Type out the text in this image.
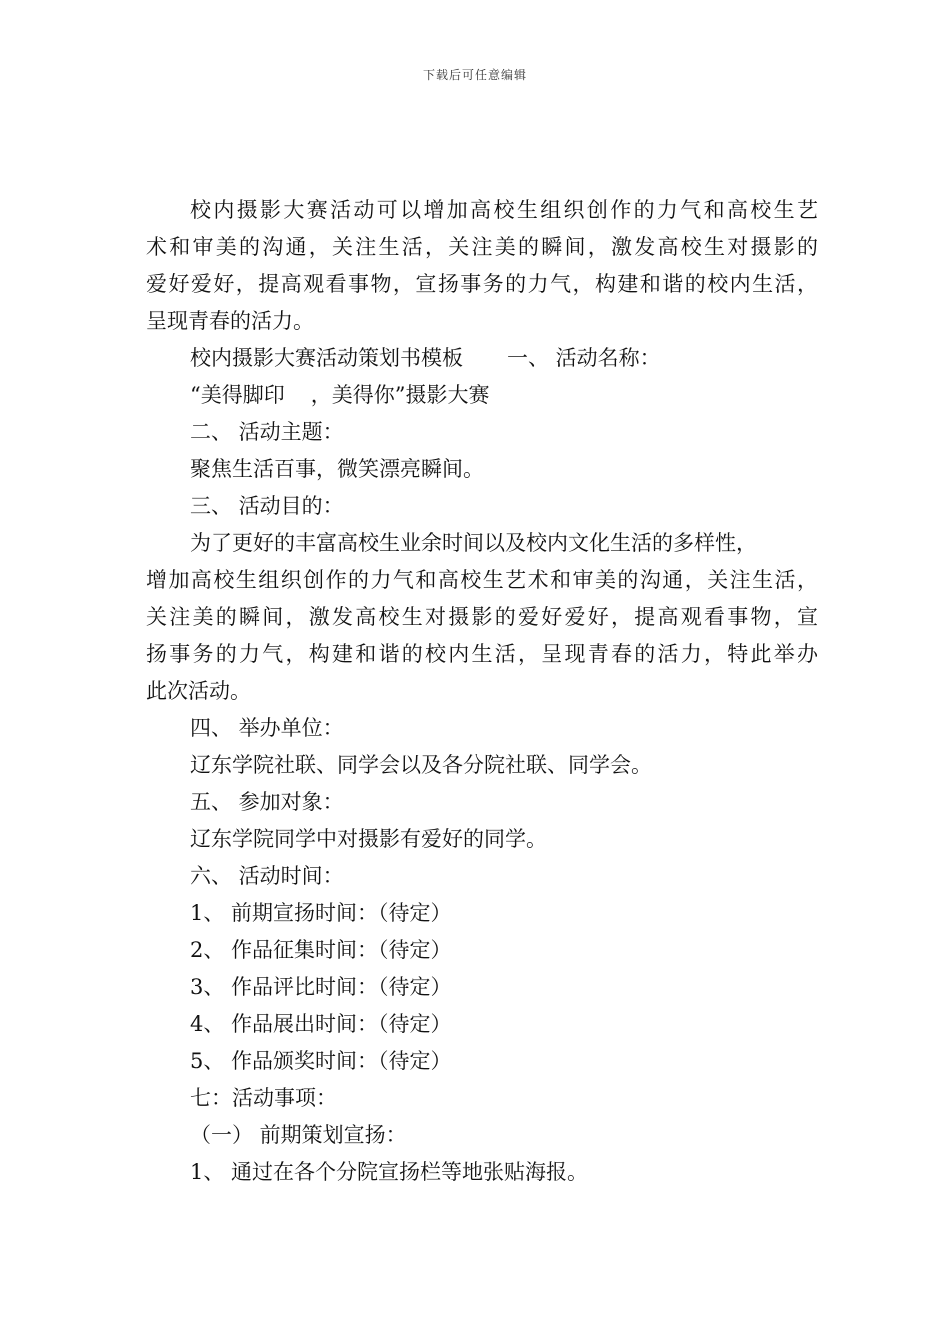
下载后可任意编辑
校内摄影大赛活动可以增加高校生组织创作的力气和高校生艺
术和审美的沟通，关注生活，关注美的瞬间，激发高校生对摄影的
爱好爱好，提高观看事物，宣扬事务的力气，构建和谐的校内生活，
呈现青春的活力。
校内摄影大赛活动策划书模板 一、 活动名称：
“美得脚印 ，美得你”摄影大赛
二、 活动主题：
聚焦生活百事，微笑漂亮瞬间。
三、 活动目的：
为了更好的丰富高校生业余时间以及校内文化生活的多样性，
增加高校生组织创作的力气和高校生艺术和审美的沟通，关注生活，
关注美的瞬间，激发高校生对摄影的爱好爱好，提高观看事物，宣
扬事务的力气，构建和谐的校内生活，呈现青春的活力，特此举办
此次活动。
四、 举办单位：
辽东学院社联、同学会以及各分院社联、同学会。
五、 参加对象：
辽东学院同学中对摄影有爱好的同学。
六、 活动时间：
1、 前期宣扬时间：（待定）
2、 作品征集时间：（待定）
3、 作品评比时间：（待定）
4、 作品展出时间：（待定）
5、 作品颁奖时间：（待定）
七：活动事项：
（一） 前期策划宣扬：
1、 通过在各个分院宣扬栏等地张贴海报。
